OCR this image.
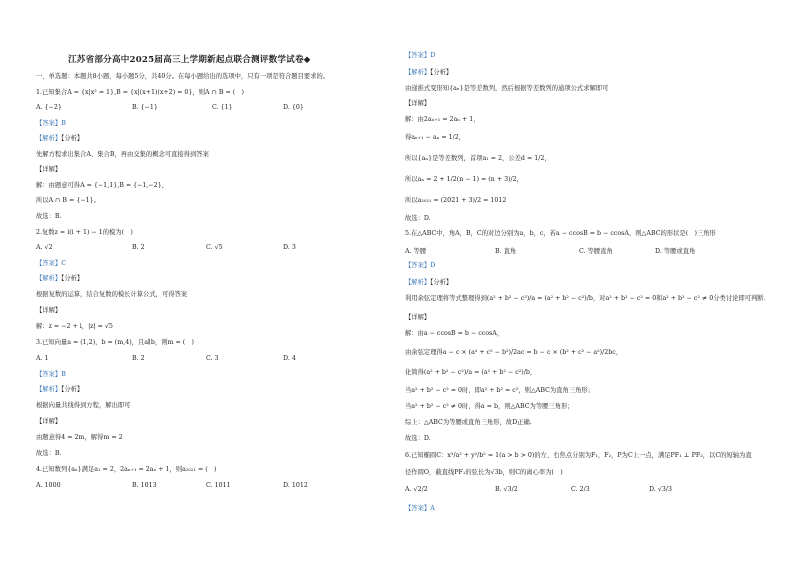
江苏省部分高中2025届高三上学期新起点联合测评数学试卷◆
一、单选题：本题共8小题，每小题5分，共40分。在每小题给出的选项中，只有一项是符合题目要求的。
1.已知集合A = {x|x² = 1},B = {x|(x+1)(x+2) = 0}，则A ∩ B = (　)
A. {−2}	B. {−1}	C. {1}	D. {0}
【答案】B
【解析】【分析】
先解方程求出集合A、集合B，再由交集的概念可直接得到答案
【详解】
解：由题意可得A = {−1,1},B = {−1,−2}，
所以A ∩ B = {−1}。
故选：B.
2.复数z = i(i + 1) − 1的模为(　)
A. √2	B. 2	C. √5	D. 3
【答案】C
【解析】【分析】
根据复数的运算，结合复数的模长计算公式，可得答案
【详解】
解：z = −2 + i，|z| = √5
3.已知向量a = (1,2)，b = (m,4)，且a∥b，则m = (　)
A. 1	B. 2	C. 3	D. 4
【答案】B
【解析】【分析】
根据向量共线得到方程，解出即可
【详解】
由题意得4 = 2m，解得m = 2
故选：B.
4.已知数列{aₙ}满足a₁ = 2，2aₙ₊₁ = 2aₙ + 1，则a₂₀₂₁ = (　)
A. 1000	B. 1013	C. 1011	D. 1012
【答案】D
【解析】【分析】
由递推式变形知{aₙ}是等差数列，然后根据等差数列的通项公式求解即可
【详解】
解：由2aₙ₊₁ = 2aₙ + 1，
得aₙ₊₁ − aₙ = 1/2，
所以{aₙ}是等差数列，首项a₁ = 2，公差d = 1/2，
所以aₙ = 2 + 1/2(n − 1) = (n + 3)/2，
所以a₂₀₂₁ = (2021 + 3)/2 = 1012
故选：D.
5.在△ABC中，角A，B，C的对边分别为a，b，c，若a − ccosB = b − ccosA，则△ABC的形状是(　)三角形
A. 等腰	B. 直角	C. 等腰直角	D. 等腰或直角
【答案】D
【解析】【分析】
利用余弦定理将等式整理得到(a² + b² − c²)/a = (a² + b² − c²)/b，对a² + b² − c² = 0和a² + b² − c² ≠ 0分类讨论即可判断.
【详解】
解：由a − ccosB = b − ccosA，
由余弦定理得a − c × (a² + c² − b²)/2ac = b − c × (b² + c² − a²)/2bc，
化简得(a² + b² − c²)/a = (a² + b² − c²)/b，
当a² + b² − c² = 0时，即a² + b² = c²，则△ABC为直角三角形；
当a² + b² − c² ≠ 0时，得a = b，则△ABC为等腰三角形；
综上：△ABC为等腰或直角三角形，故D正确.
故选：D.
6.已知椭圆C：x²/a² + y²/b² = 1(a > b > 0)的左、右焦点分别为F₁，F₂，P为C上一点，满足PF₁ ⊥ PF₂，以C的短轴为直
径作圆O，截直线PF₁的弦长为√3b，则C的离心率为(　)
A. √2/2	B. √3/2	C. 2/3	D. √3/3
【答案】A
